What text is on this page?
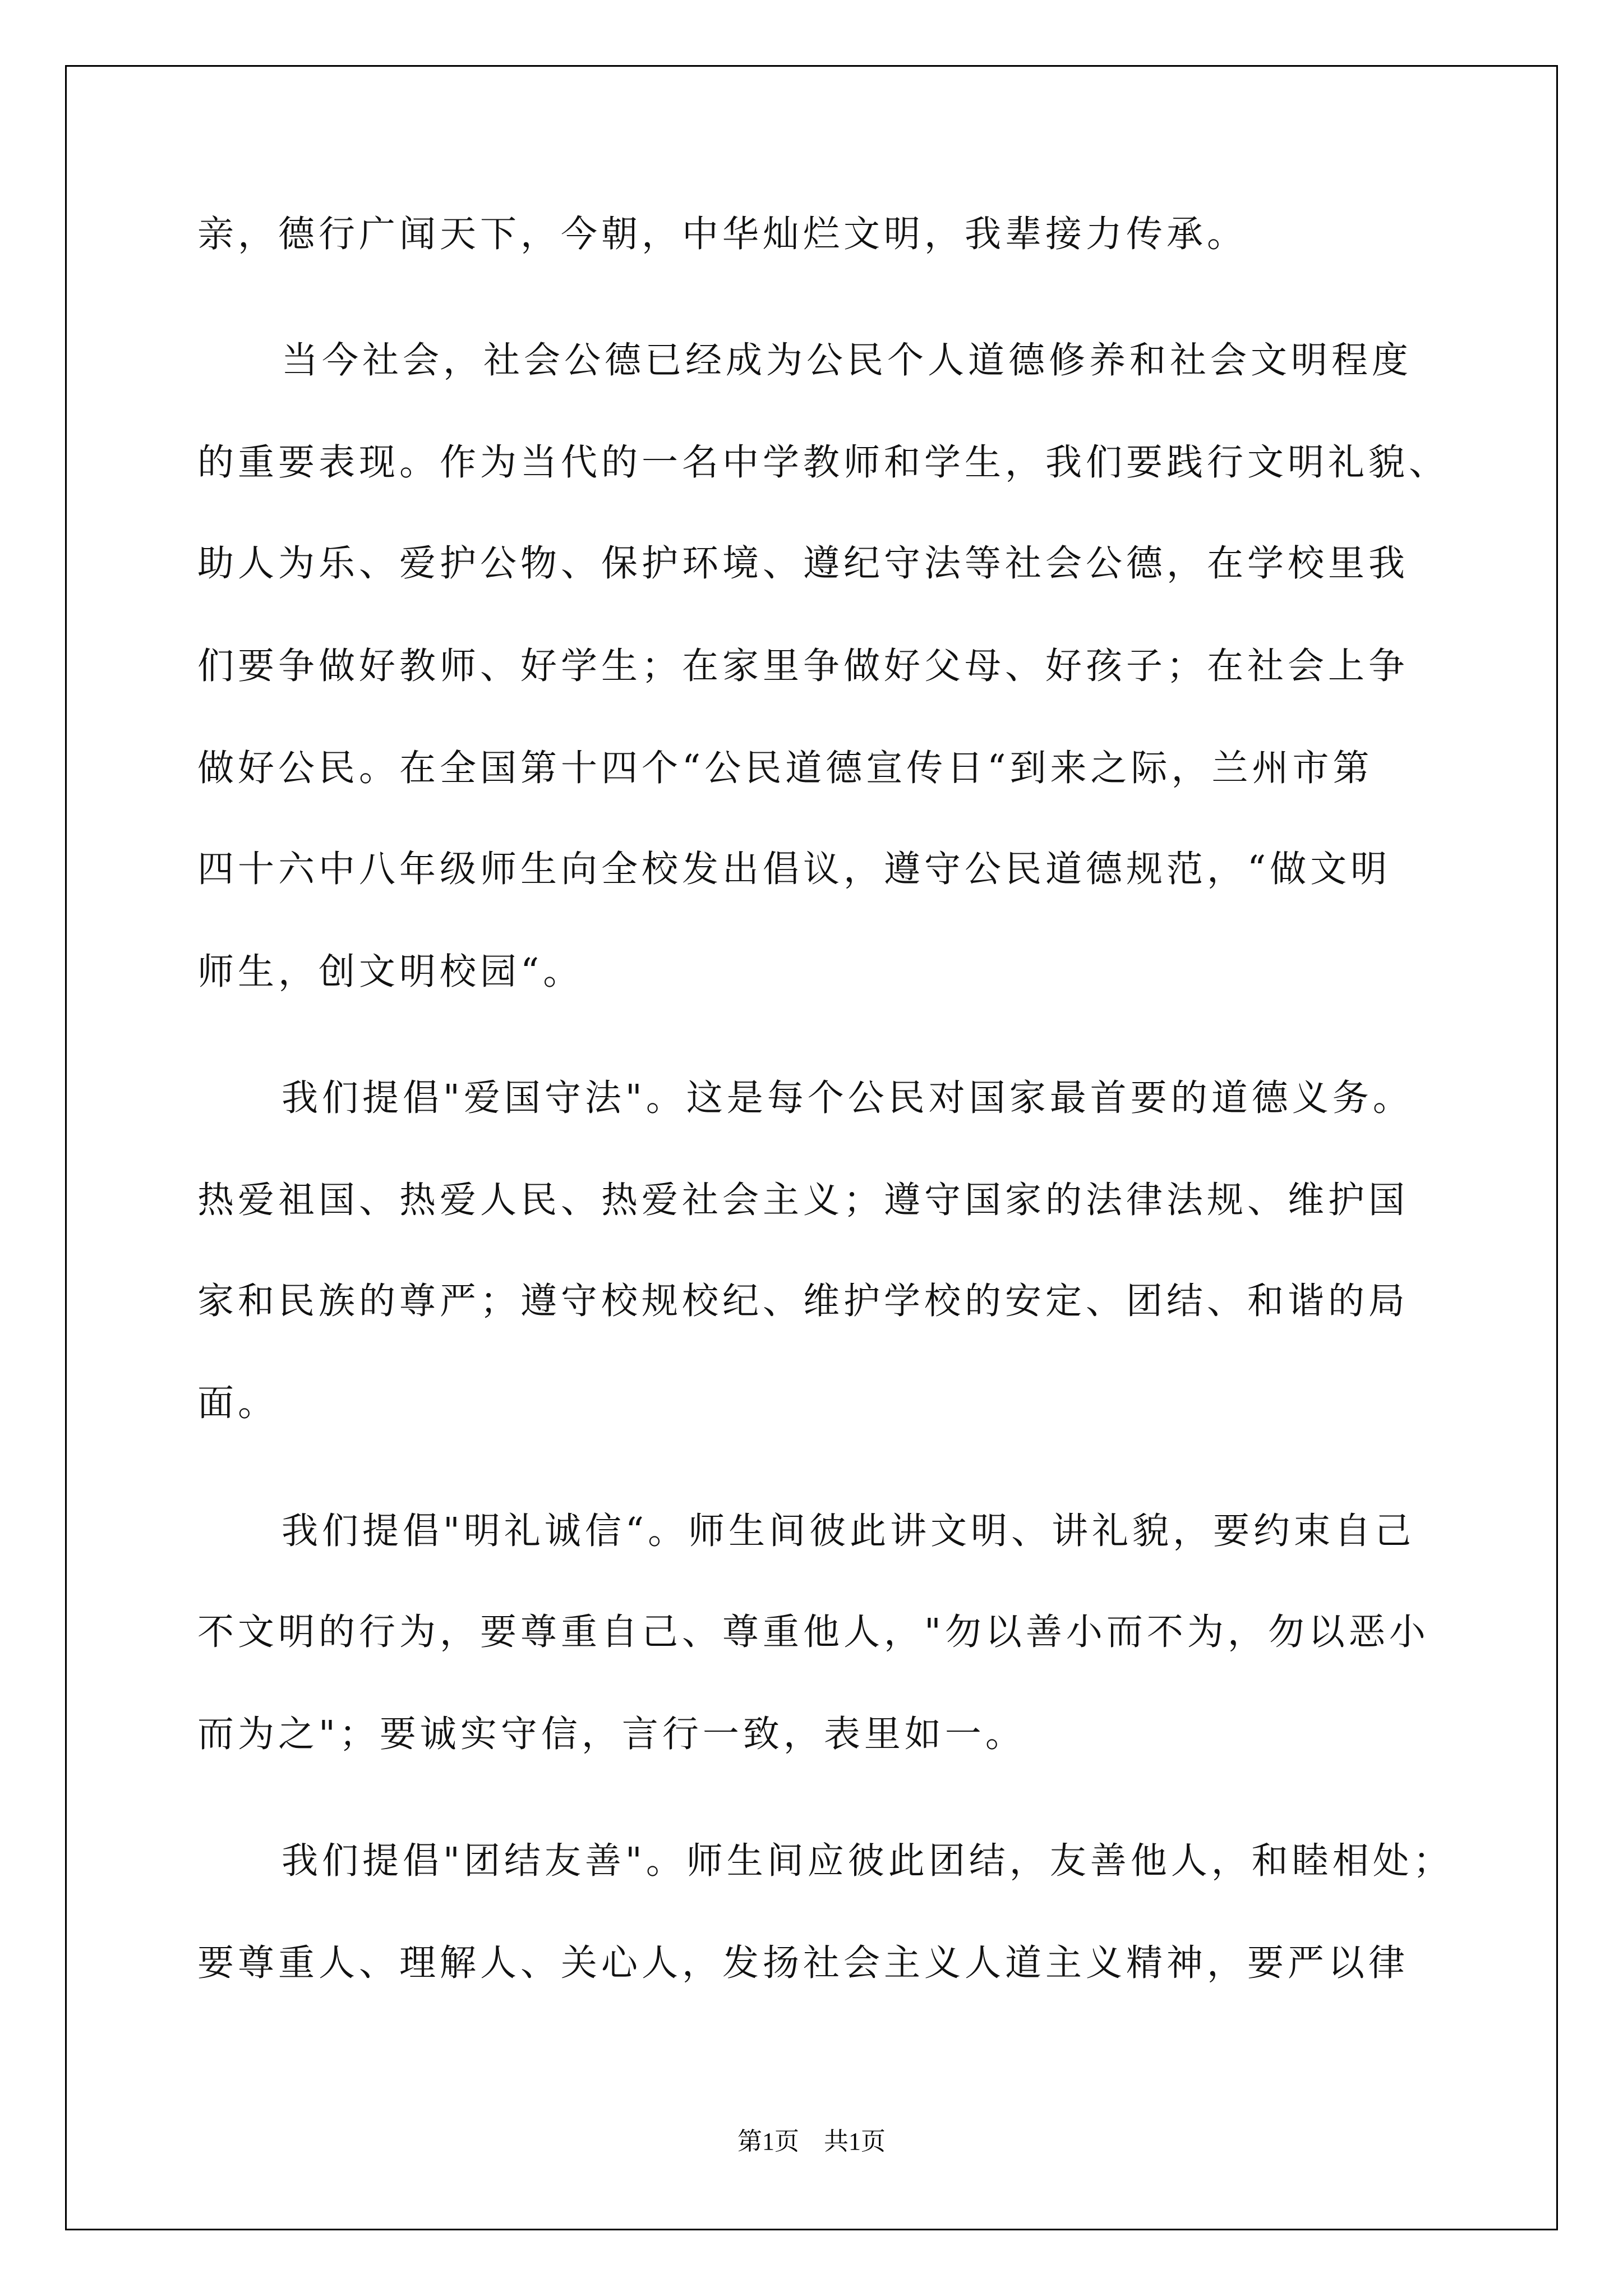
亲，德行广闻天下，今朝，中华灿烂文明，我辈接力传承。
当今社会，社会公德已经成为公民个人道德修养和社会文明程度
的重要表现。作为当代的一名中学教师和学生，我们要践行文明礼貌、
助人为乐、爱护公物、保护环境、遵纪守法等社会公德，在学校里我
们要争做好教师、好学生；在家里争做好父母、好孩子；在社会上争
做好公民。在全国第十四个“公民道德宣传日“到来之际，兰州市第
四十六中八年级师生向全校发出倡议，遵守公民道德规范，“做文明
师生，创文明校园“。
我们提倡"爱国守法"。这是每个公民对国家最首要的道德义务。
热爱祖国、热爱人民、热爱社会主义；遵守国家的法律法规、维护国
家和民族的尊严；遵守校规校纪、维护学校的安定、团结、和谐的局
面。
我们提倡"明礼诚信“。师生间彼此讲文明、讲礼貌，要约束自己
不文明的行为，要尊重自己、尊重他人，"勿以善小而不为，勿以恶小
而为之"；要诚实守信，言行一致，表里如一。
我们提倡"团结友善"。师生间应彼此团结，友善他人，和睦相处；
要尊重人、理解人、关心人，发扬社会主义人道主义精神，要严以律
第1页　共1页
